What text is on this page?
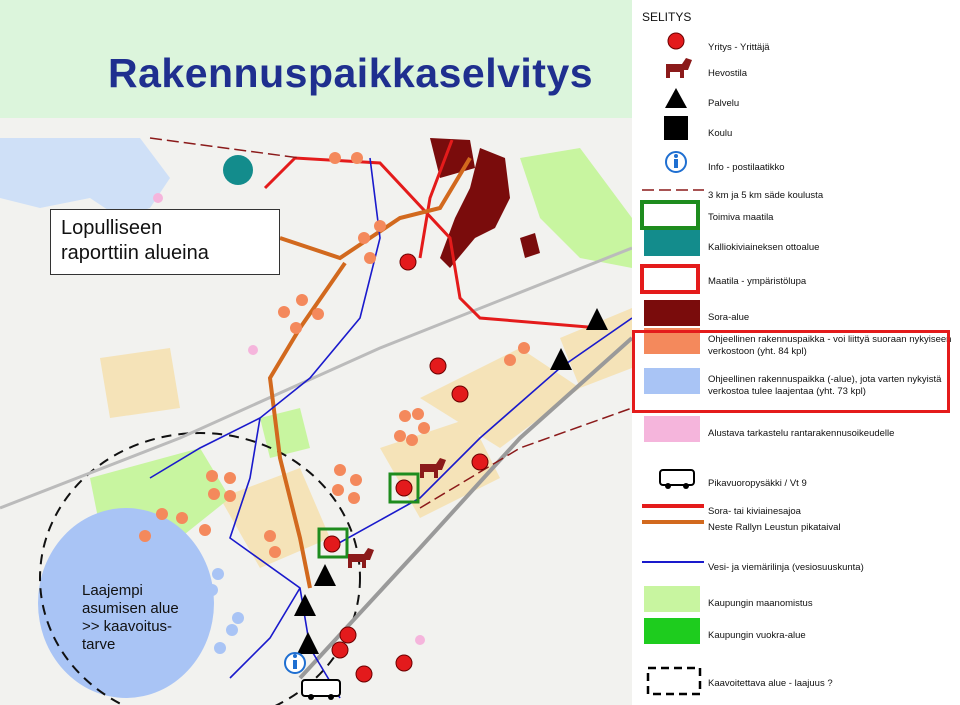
Rakennuspaikkaselvitys
Lopulliseen
raporttiin alueina
Laajempi
asumisen alue
>> kaavoitus-
tarve
SELITYS
Yritys - Yrittäjä
Hevostila
Palvelu
Koulu
Info - postilaatikko
3 km ja 5 km säde koulusta
Toimiva maatila
Kalliokiviaineksen ottoalue
Maatila - ympäristölupa
Sora-alue
Ohjeellinen rakennuspaikka - voi liittyä suoraan nykyiseen verkostoon (yht. 84 kpl)
Ohjeellinen rakennuspaikka (-alue), jota varten nykyistä verkostoa tulee laajentaa (yht. 73 kpl)
Alustava tarkastelu rantarakennusoikeudelle
Pikavuoropysäkki / Vt 9
Sora- tai kiviainesajoa
Neste Rallyn Leustun pikataival
Vesi- ja viemärilinja (vesiosuuskunta)
Kaupungin maanomistus
Kaupungin vuokra-alue
Kaavoitettava alue - laajuus ?
